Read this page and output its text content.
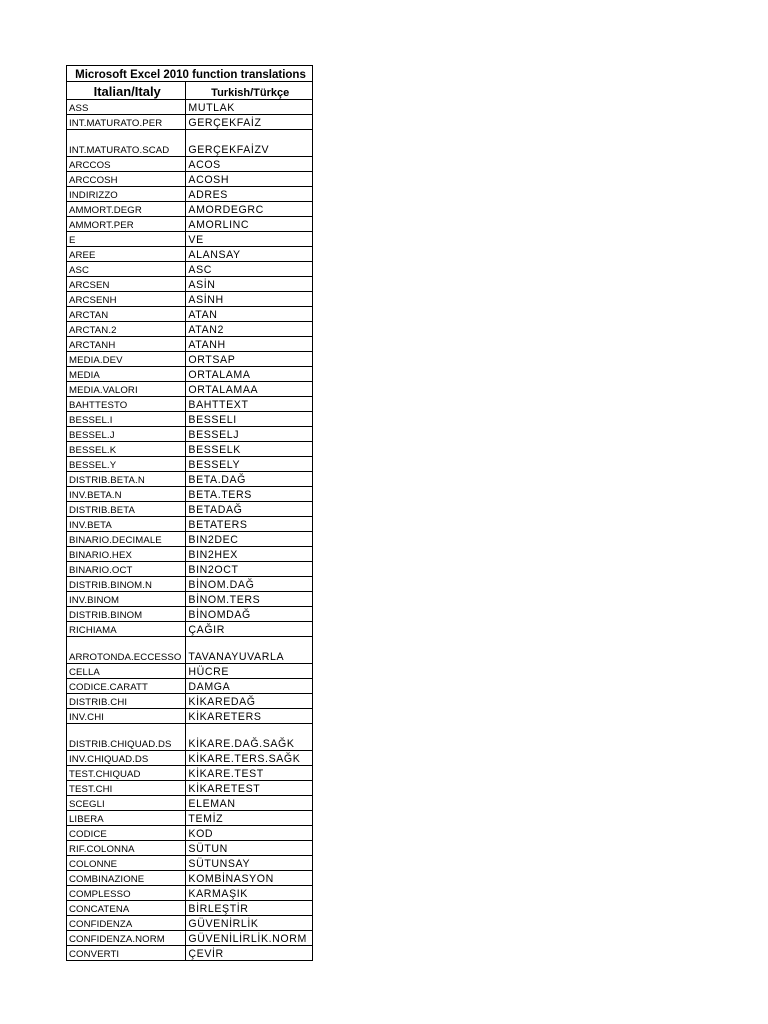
Microsoft Excel 2010 function translations	
Italian/Italy	Turkish/Türkçe
ASS	MUTLAK
INT.MATURATO.PER	GERÇEKFAİZ
INT.MATURATO.SCAD	GERÇEKFAİZV
ARCCOS	ACOS
ARCCOSH	ACOSH
INDIRIZZO	ADRES
AMMORT.DEGR	AMORDEGRC
AMMORT.PER	AMORLINC
E	VE
AREE	ALANSAY
ASC	ASC
ARCSEN	ASİN
ARCSENH	ASİNH
ARCTAN	ATAN
ARCTAN.2	ATAN2
ARCTANH	ATANH
MEDIA.DEV	ORTSAP
MEDIA	ORTALAMA
MEDIA.VALORI	ORTALAMAA
BAHTTESTO	BAHTTEXT
BESSEL.I	BESSELI
BESSEL.J	BESSELJ
BESSEL.K	BESSELK
BESSEL.Y	BESSELY
DISTRIB.BETA.N	BETA.DAĞ
INV.BETA.N	BETA.TERS
DISTRIB.BETA	BETADAĞ
INV.BETA	BETATERS
BINARIO.DECIMALE	BIN2DEC
BINARIO.HEX	BIN2HEX
BINARIO.OCT	BIN2OCT
DISTRIB.BINOM.N	BİNOM.DAĞ
INV.BINOM	BİNOM.TERS
DISTRIB.BINOM	BİNOMDAĞ
RICHIAMA	ÇAĞIR
ARROTONDA.ECCESSO	TAVANAYUVARLA
CELLA	HÜCRE
CODICE.CARATT	DAMGA
DISTRIB.CHI	KİKAREDAĞ
INV.CHI	KİKARETERS
DISTRIB.CHIQUAD.DS	KİKARE.DAĞ.SAĞK
INV.CHIQUAD.DS	KİKARE.TERS.SAĞK
TEST.CHIQUAD	KİKARE.TEST
TEST.CHI	KİKARETEST
SCEGLI	ELEMAN
LIBERA	TEMİZ
CODICE	KOD
RIF.COLONNA	SÜTUN
COLONNE	SÜTUNSAY
COMBINAZIONE	KOMBİNASYON
COMPLESSO	KARMAŞIK
CONCATENA	BİRLEŞTİR
CONFIDENZA	GÜVENİRLİK
CONFIDENZA.NORM	GÜVENİLİRLİK.NORM
CONVERTI	ÇEVİR
